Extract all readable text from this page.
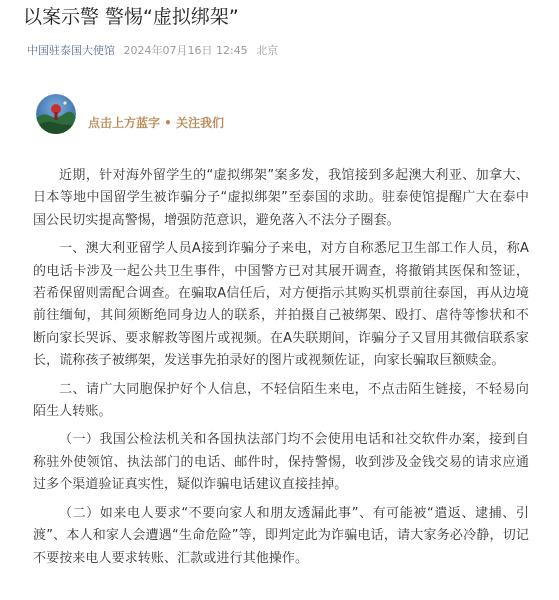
以案示警 警惕“虚拟绑架”
中国驻泰国大使馆 2024年07月16日 12:45 北京
点击上方蓝字 • 关注我们

近期，针对海外留学生的“虚拟绑架”案多发，我馆接到多起澳大利亚、加拿大、日本等地中国留学生被诈骗分子“虚拟绑架”至泰国的求助。驻泰使馆提醒广大在泰中国公民切实提高警惕，增强防范意识，避免落入不法分子圈套。

一、澳大利亚留学人员A接到诈骗分子来电，对方自称悉尼卫生部工作人员，称A的电话卡涉及一起公共卫生事件，中国警方已对其展开调查，将撤销其医保和签证，若希保留则需配合调查。在骗取A信任后，对方便指示其购买机票前往泰国，再从边境前往缅甸，其间须断绝同身边人的联系，并拍摄自己被绑架、殴打、虐待等惨状和不断向家长哭诉、要求解救等图片或视频。在A失联期间，诈骗分子又冒用其微信联系家长，谎称孩子被绑架，发送事先拍录好的图片或视频佐证，向家长骗取巨额赎金。

二、请广大同胞保护好个人信息，不轻信陌生来电，不点击陌生链接，不轻易向陌生人转账。

（一）我国公检法机关和各国执法部门均不会使用电话和社交软件办案，接到自称驻外使领馆、执法部门的电话、邮件时，保持警惕，收到涉及金钱交易的请求应通过多个渠道验证真实性，疑似诈骗电话建议直接挂掉。

（二）如来电人要求“不要向家人和朋友透漏此事”、有可能被“遣返、逮捕、引渡”、本人和家人会遭遇“生命危险”等，即判定此为诈骗电话，请大家务必冷静，切记不要按来电人要求转账、汇款或进行其他操作。
